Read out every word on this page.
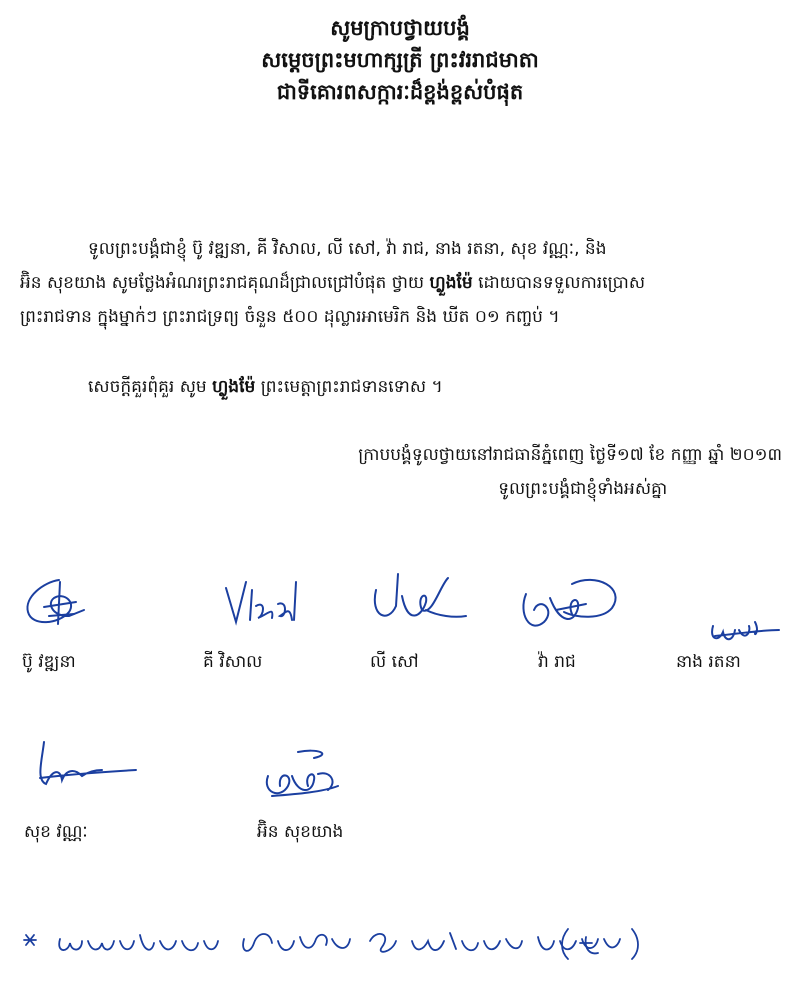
សូមក្រាបថ្វាយបង្គំ
សម្តេចព្រះមហាក្សត្រី ព្រះវររាជមាតា
ជាទីគោរពសក្ការៈដ៏ខ្ពង់ខ្ពស់បំផុត
ទូលព្រះបង្គំជាខ្ញុំ ប៊ូ វឌ្ឍនា, គី វិសាល, លី សៅ, វ៉ា រាជ, នាង រតនា, សុខ វណ្ណៈ, និង
អ៊ិន សុខយាង សូមថ្លែងអំណរព្រះរាជគុណដ៏ជ្រាលជ្រៅបំផុត ថ្វាយ ហ្លួងម៉ែ ដោយបានទទួលការប្រោស
ព្រះរាជទាន ក្នុងម្នាក់ៗ ព្រះរាជទ្រព្យ ចំនួន ៥០០ ដុល្លារអាមេរិក និង ឃីត ០១ កញ្ចប់ ។
សេចក្តីគួរពុំគួរ សូម ហ្លួងម៉ែ ព្រះមេត្តាព្រះរាជទានទោស ។
ក្រាបបង្គំទូលថ្វាយនៅរាជធានីភ្នំពេញ ថ្ងៃទី១៧ ខែ កញ្ញា ឆ្នាំ ២០១៣
ទូលព្រះបង្គំជាខ្ញុំទាំងអស់គ្នា
ប៊ូ វឌ្ឍនា	គី វិសាល	លី សៅ	វ៉ា រាជ	នាង រតនា
សុខ វណ្ណៈ	អ៊ិន សុខយាង
